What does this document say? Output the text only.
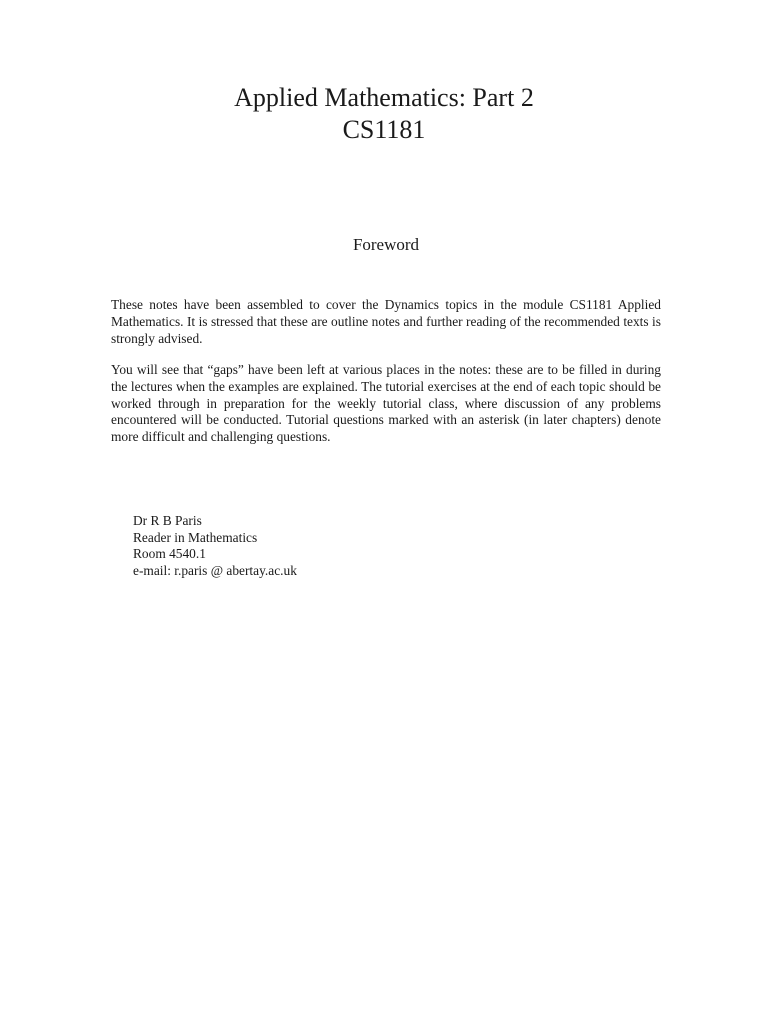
Applied Mathematics: Part 2
CS1181
Foreword

These notes have been assembled to cover the Dynamics topics in the module CS1181 Applied Mathematics. It is stressed that these are outline notes and further reading of the recommended texts is strongly advised.

You will see that “gaps” have been left at various places in the notes: these are to be filled in during the lectures when the examples are explained. The tutorial exercises at the end of each topic should be worked through in preparation for the weekly tutorial class, where discussion of any problems encountered will be conducted. Tutorial questions marked with an asterisk (in later chapters) denote more difficult and challenging questions.

Dr R B Paris
Reader in Mathematics
Room 4540.1
e-mail: r.paris @ abertay.ac.uk
